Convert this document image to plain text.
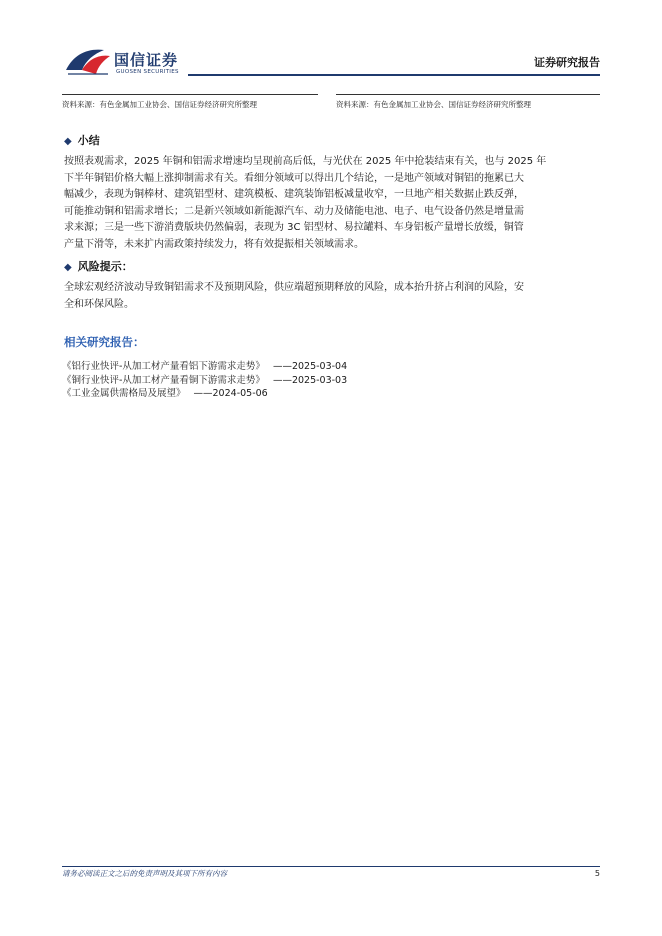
国信证券
GUOSEN SECURITIES
证券研究报告
资料来源：有色金属加工业协会、国信证券经济研究所整理	资料来源：有色金属加工业协会、国信证券经济研究所整理
◆ 小结
按照表观需求，2025 年铜和铝需求增速均呈现前高后低，与光伏在 2025 年中抢装结束有关，也与 2025 年
下半年铜铝价格大幅上涨抑制需求有关。看细分领域可以得出几个结论，一是地产领域对铜铝的拖累已大
幅减少，表现为铜棒材、建筑铝型材、建筑模板、建筑装饰铝板减量收窄，一旦地产相关数据止跌反弹，
可能推动铜和铝需求增长；二是新兴领域如新能源汽车、动力及储能电池、电子、电气设备仍然是增量需
求来源；三是一些下游消费版块仍然偏弱，表现为 3C 铝型材、易拉罐料、车身铝板产量增长放缓，铜管
产量下滑等，未来扩内需政策持续发力，将有效提振相关领域需求。
◆ 风险提示：
全球宏观经济波动导致铜铝需求不及预期风险，供应端超预期释放的风险，成本抬升挤占利润的风险，安
全和环保风险。
相关研究报告：
《铝行业快评-从加工材产量看铝下游需求走势》 ——2025-03-04
《铜行业快评-从加工材产量看铜下游需求走势》 ——2025-03-03
《工业金属供需格局及展望》 ——2024-05-06
请务必阅读正文之后的免责声明及其项下所有内容	5
